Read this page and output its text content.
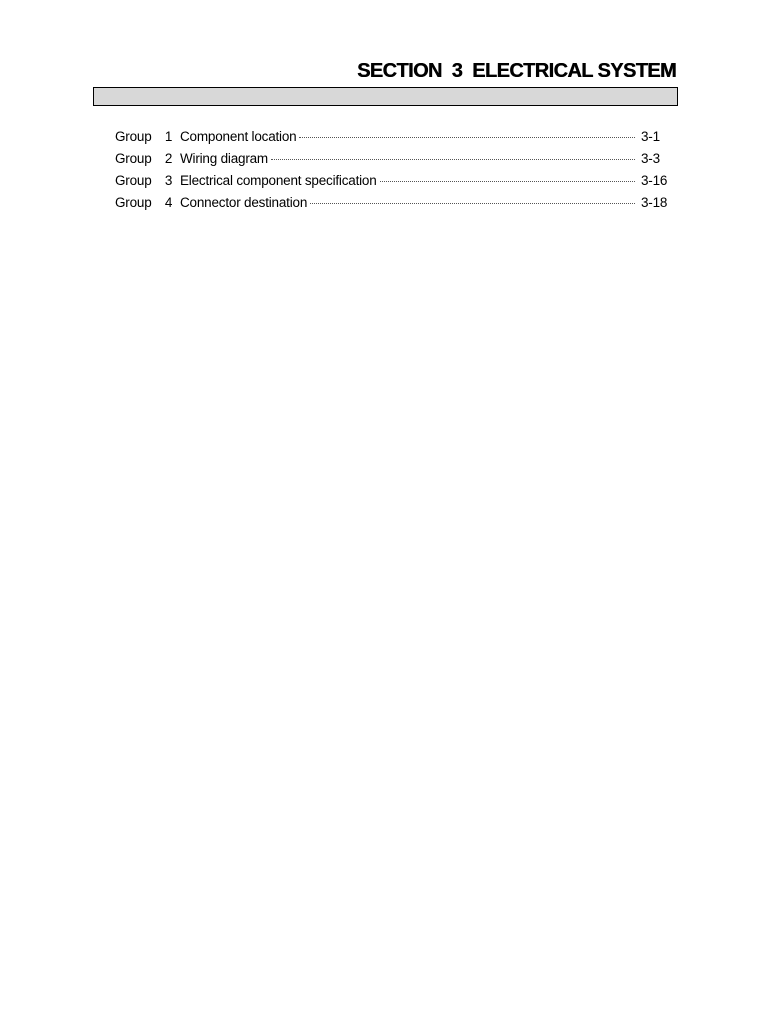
SECTION  3  ELECTRICAL SYSTEM
Group 1 Component location	3-1
Group 2 Wiring diagram	3-3
Group 3 Electrical component specification	3-16
Group 4 Connector destination	3-18
